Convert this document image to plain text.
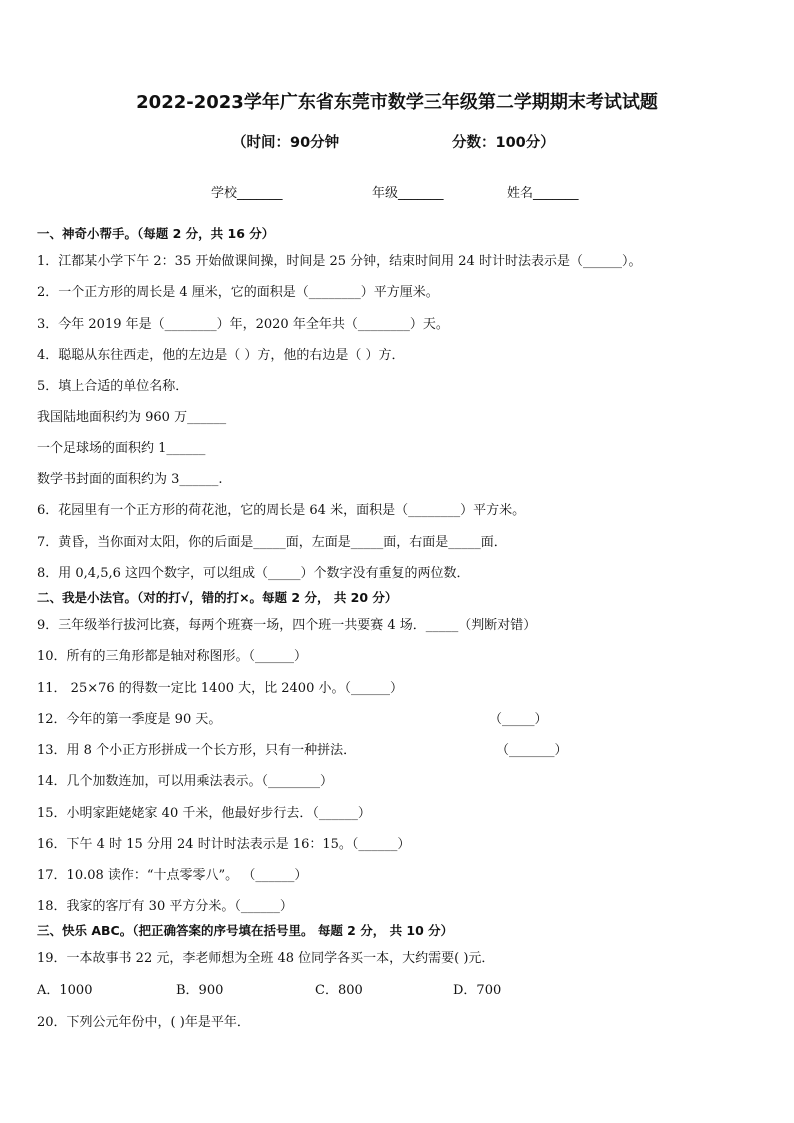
2022-2023学年广东省东莞市数学三年级第二学期期末考试试题
（时间：90分钟	分数：100分）
学校_______	年级_______	姓名_______
一、神奇小帮手。（每题 2 分，共 16 分）
1．江都某小学下午 2：35 开始做课间操，时间是 25 分钟，结束时间用 24 时计时法表示是（______）。
2．一个正方形的周长是 4 厘米，它的面积是（________）平方厘米。
3．今年 2019 年是（________）年，2020 年全年共（________）天。
4．聪聪从东往西走，他的左边是（ ）方，他的右边是（ ）方．
5．填上合适的单位名称．
我国陆地面积约为 960 万______
一个足球场的面积约 1______
数学书封面的面积约为 3______.
6．花园里有一个正方形的荷花池，它的周长是 64 米，面积是（________）平方米。
7．黄昏，当你面对太阳，你的后面是_____面，左面是_____面，右面是_____面．
8．用 0,4,5,6 这四个数字，可以组成（_____）个数字没有重复的两位数．
二、我是小法官。（对的打√，错的打×。每题 2 分， 共 20 分）
9．三年级举行拔河比赛，每两个班赛一场，四个班一共要赛 4 场．_____（判断对错）
10．所有的三角形都是轴对称图形。（______）
11． 25×76 的得数一定比 1400 大，比 2400 小。（______）
12．今年的第一季度是 90 天。	（_____）
13．用 8 个小正方形拼成一个长方形，只有一种拼法．	（_______）
14．几个加数连加，可以用乘法表示。（________）
15．小明家距姥姥家 40 千米，他最好步行去．（______）
16．下午 4 时 15 分用 24 时计时法表示是 16：15。（______）
17．10.08 读作：“十点零零八”。 （______）
18．我家的客厅有 30 平方分米。（______）
三、快乐 ABC。（把正确答案的序号填在括号里。 每题 2 分， 共 10 分）
19．一本故事书 22 元，李老师想为全班 48 位同学各买一本，大约需要( )元．
A．1000	B．900	C．800	D．700
20．下列公元年份中，( )年是平年．
